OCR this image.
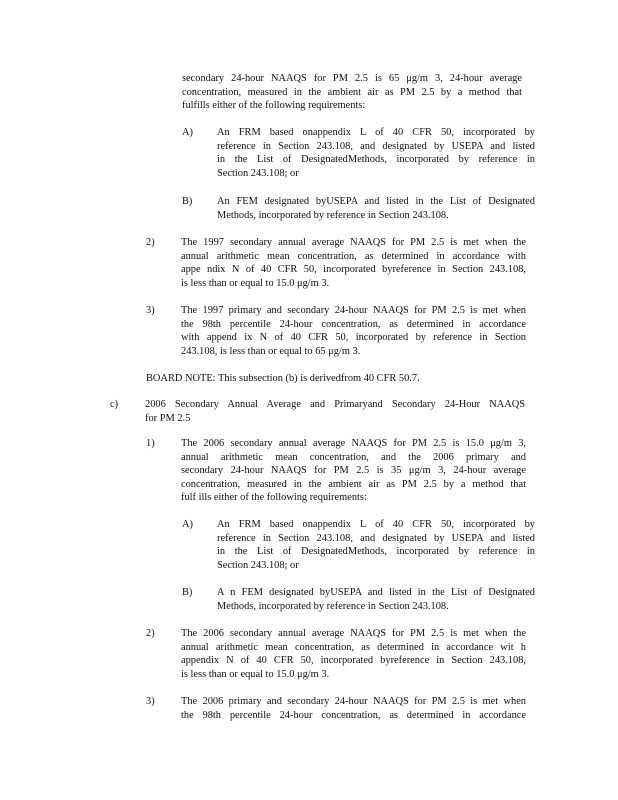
secondary 24-hour NAAQS for PM 2.5 is 65 μg/m 3, 24-hour average
concentration, measured in the ambient air as PM 2.5 by a method that
fulfills either of the following requirements:
A) An FRM based onappendix L of 40 CFR 50, incorporated by
reference in Section 243.108, and designated by USEPA and listed
in the List of DesignatedMethods, incorporated by reference in
Section 243.108; or
B) An FEM designated byUSEPA and listed in the List of Designated
Methods, incorporated by reference in Section 243.108.
2)	The 1997 secondary annual average NAAQS for PM 2.5 is met when the
annual arithmetic mean concentration, as determined in accordance with
appe ndix N of 40 CFR 50, incorporated byreference in Section 243.108,
is less than or equal to 15.0 μg/m 3.
3)	The 1997 primary and secondary 24-hour NAAQS for PM 2.5 is met when
the 98th percentile 24-hour concentration, as determined in accordance
with append ix N of 40 CFR 50, incorporated by reference in Section
243.108, is less than or equal to 65 μg/m 3.
BOARD NOTE: This subsection (b) is derivedfrom 40 CFR 50.7.
c)	2006 Secondary Annual Average and Primaryand Secondary 24-Hour NAAQS
for PM 2.5
1)	The 2006 secondary annual average NAAQS for PM 2.5 is 15.0 μg/m 3,
annual arithmetic mean concentration, and the 2006 primary and
secondary 24-hour NAAQS for PM 2.5 is 35 μg/m 3, 24-hour average
concentration, measured in the ambient air as PM 2.5 by a method that
fulf ills either of the following requirements:
A) An FRM based onappendix L of 40 CFR 50, incorporated by
reference in Section 243.108, and designated by USEPA and listed
in the List of DesignatedMethods, incorporated by reference in
Section 243.108; or
B) A n FEM designated byUSEPA and listed in the List of Designated
Methods, incorporated by reference in Section 243.108.
2)	The 2006 secondary annual average NAAQS for PM 2.5 is met when the
annual arithmetic mean concentration, as determined in accordance wit h
appendix N of 40 CFR 50, incorporated byreference in Section 243.108,
is less than or equal to 15.0 μg/m 3.
3)	The 2006 primary and secondary 24-hour NAAQS for PM 2.5 is met when
the 98th percentile 24-hour concentration, as determined in accordance
